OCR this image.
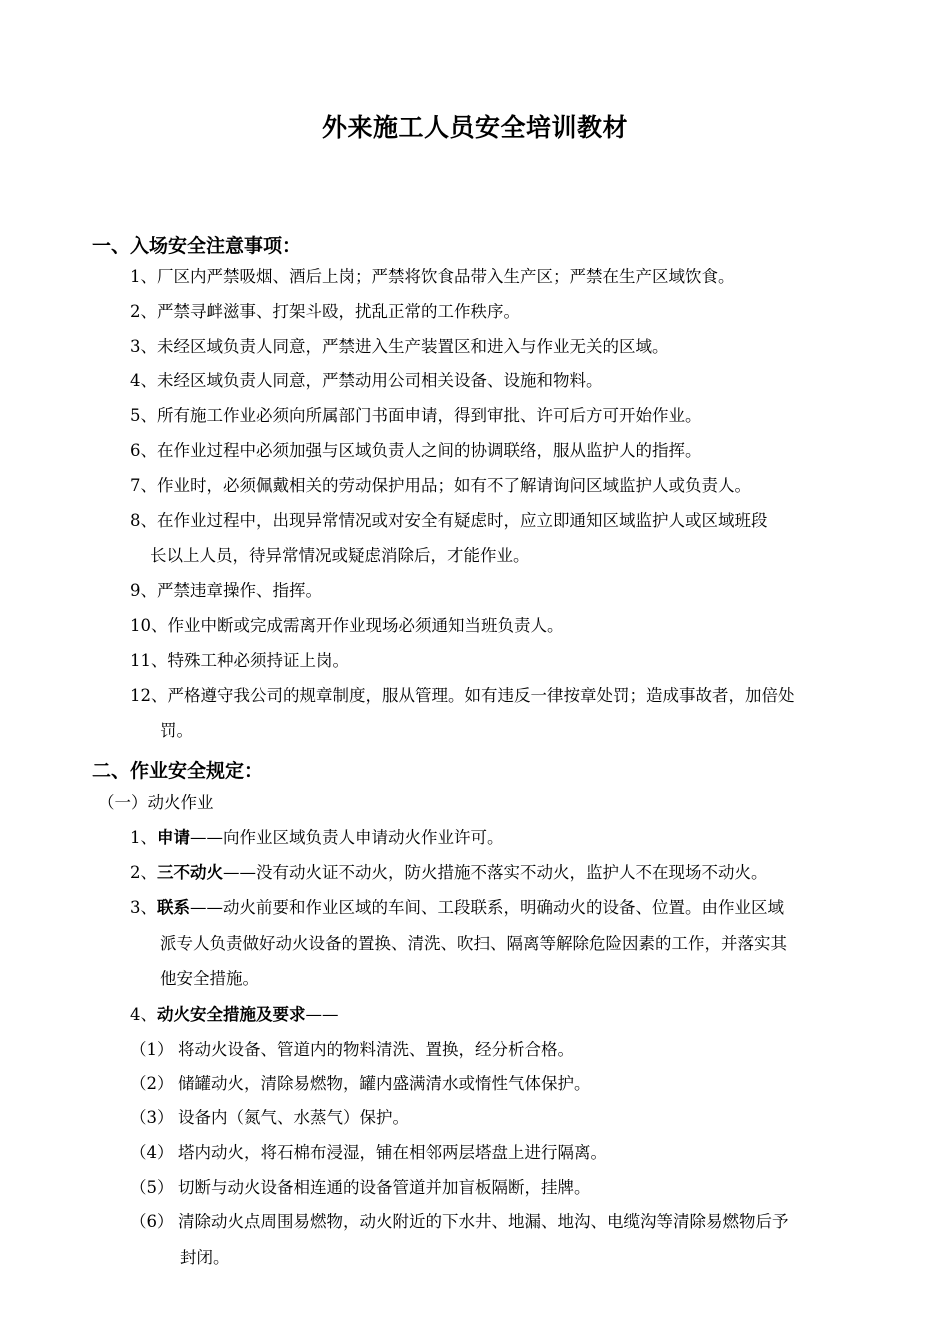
外来施工人员安全培训教材
一、入场安全注意事项：
1、厂区内严禁吸烟、酒后上岗；严禁将饮食品带入生产区；严禁在生产区域饮食。
2、严禁寻衅滋事、打架斗殴，扰乱正常的工作秩序。
3、未经区域负责人同意，严禁进入生产装置区和进入与作业无关的区域。
4、未经区域负责人同意，严禁动用公司相关设备、设施和物料。
5、所有施工作业必须向所属部门书面申请，得到审批、许可后方可开始作业。
6、在作业过程中必须加强与区域负责人之间的协调联络，服从监护人的指挥。
7、作业时，必须佩戴相关的劳动保护用品；如有不了解请询问区域监护人或负责人。
8、在作业过程中，出现异常情况或对安全有疑虑时，应立即通知区域监护人或区域班段
长以上人员，待异常情况或疑虑消除后，才能作业。
9、严禁违章操作、指挥。
10、作业中断或完成需离开作业现场必须通知当班负责人。
11、特殊工种必须持证上岗。
12、严格遵守我公司的规章制度，服从管理。如有违反一律按章处罚；造成事故者，加倍处
罚。
二、作业安全规定：
（一）动火作业
1、申请——向作业区域负责人申请动火作业许可。
2、三不动火——没有动火证不动火，防火措施不落实不动火，监护人不在现场不动火。
3、联系——动火前要和作业区域的车间、工段联系，明确动火的设备、位置。由作业区域
派专人负责做好动火设备的置换、清洗、吹扫、隔离等解除危险因素的工作，并落实其
他安全措施。
4、动火安全措施及要求——
（1） 将动火设备、管道内的物料清洗、置换，经分析合格。
（2） 储罐动火，清除易燃物，罐内盛满清水或惰性气体保护。
（3） 设备内（氮气、水蒸气）保护。
（4） 塔内动火，将石棉布浸湿，铺在相邻两层塔盘上进行隔离。
（5） 切断与动火设备相连通的设备管道并加盲板隔断，挂牌。
（6） 清除动火点周围易燃物，动火附近的下水井、地漏、地沟、电缆沟等清除易燃物后予
封闭。
